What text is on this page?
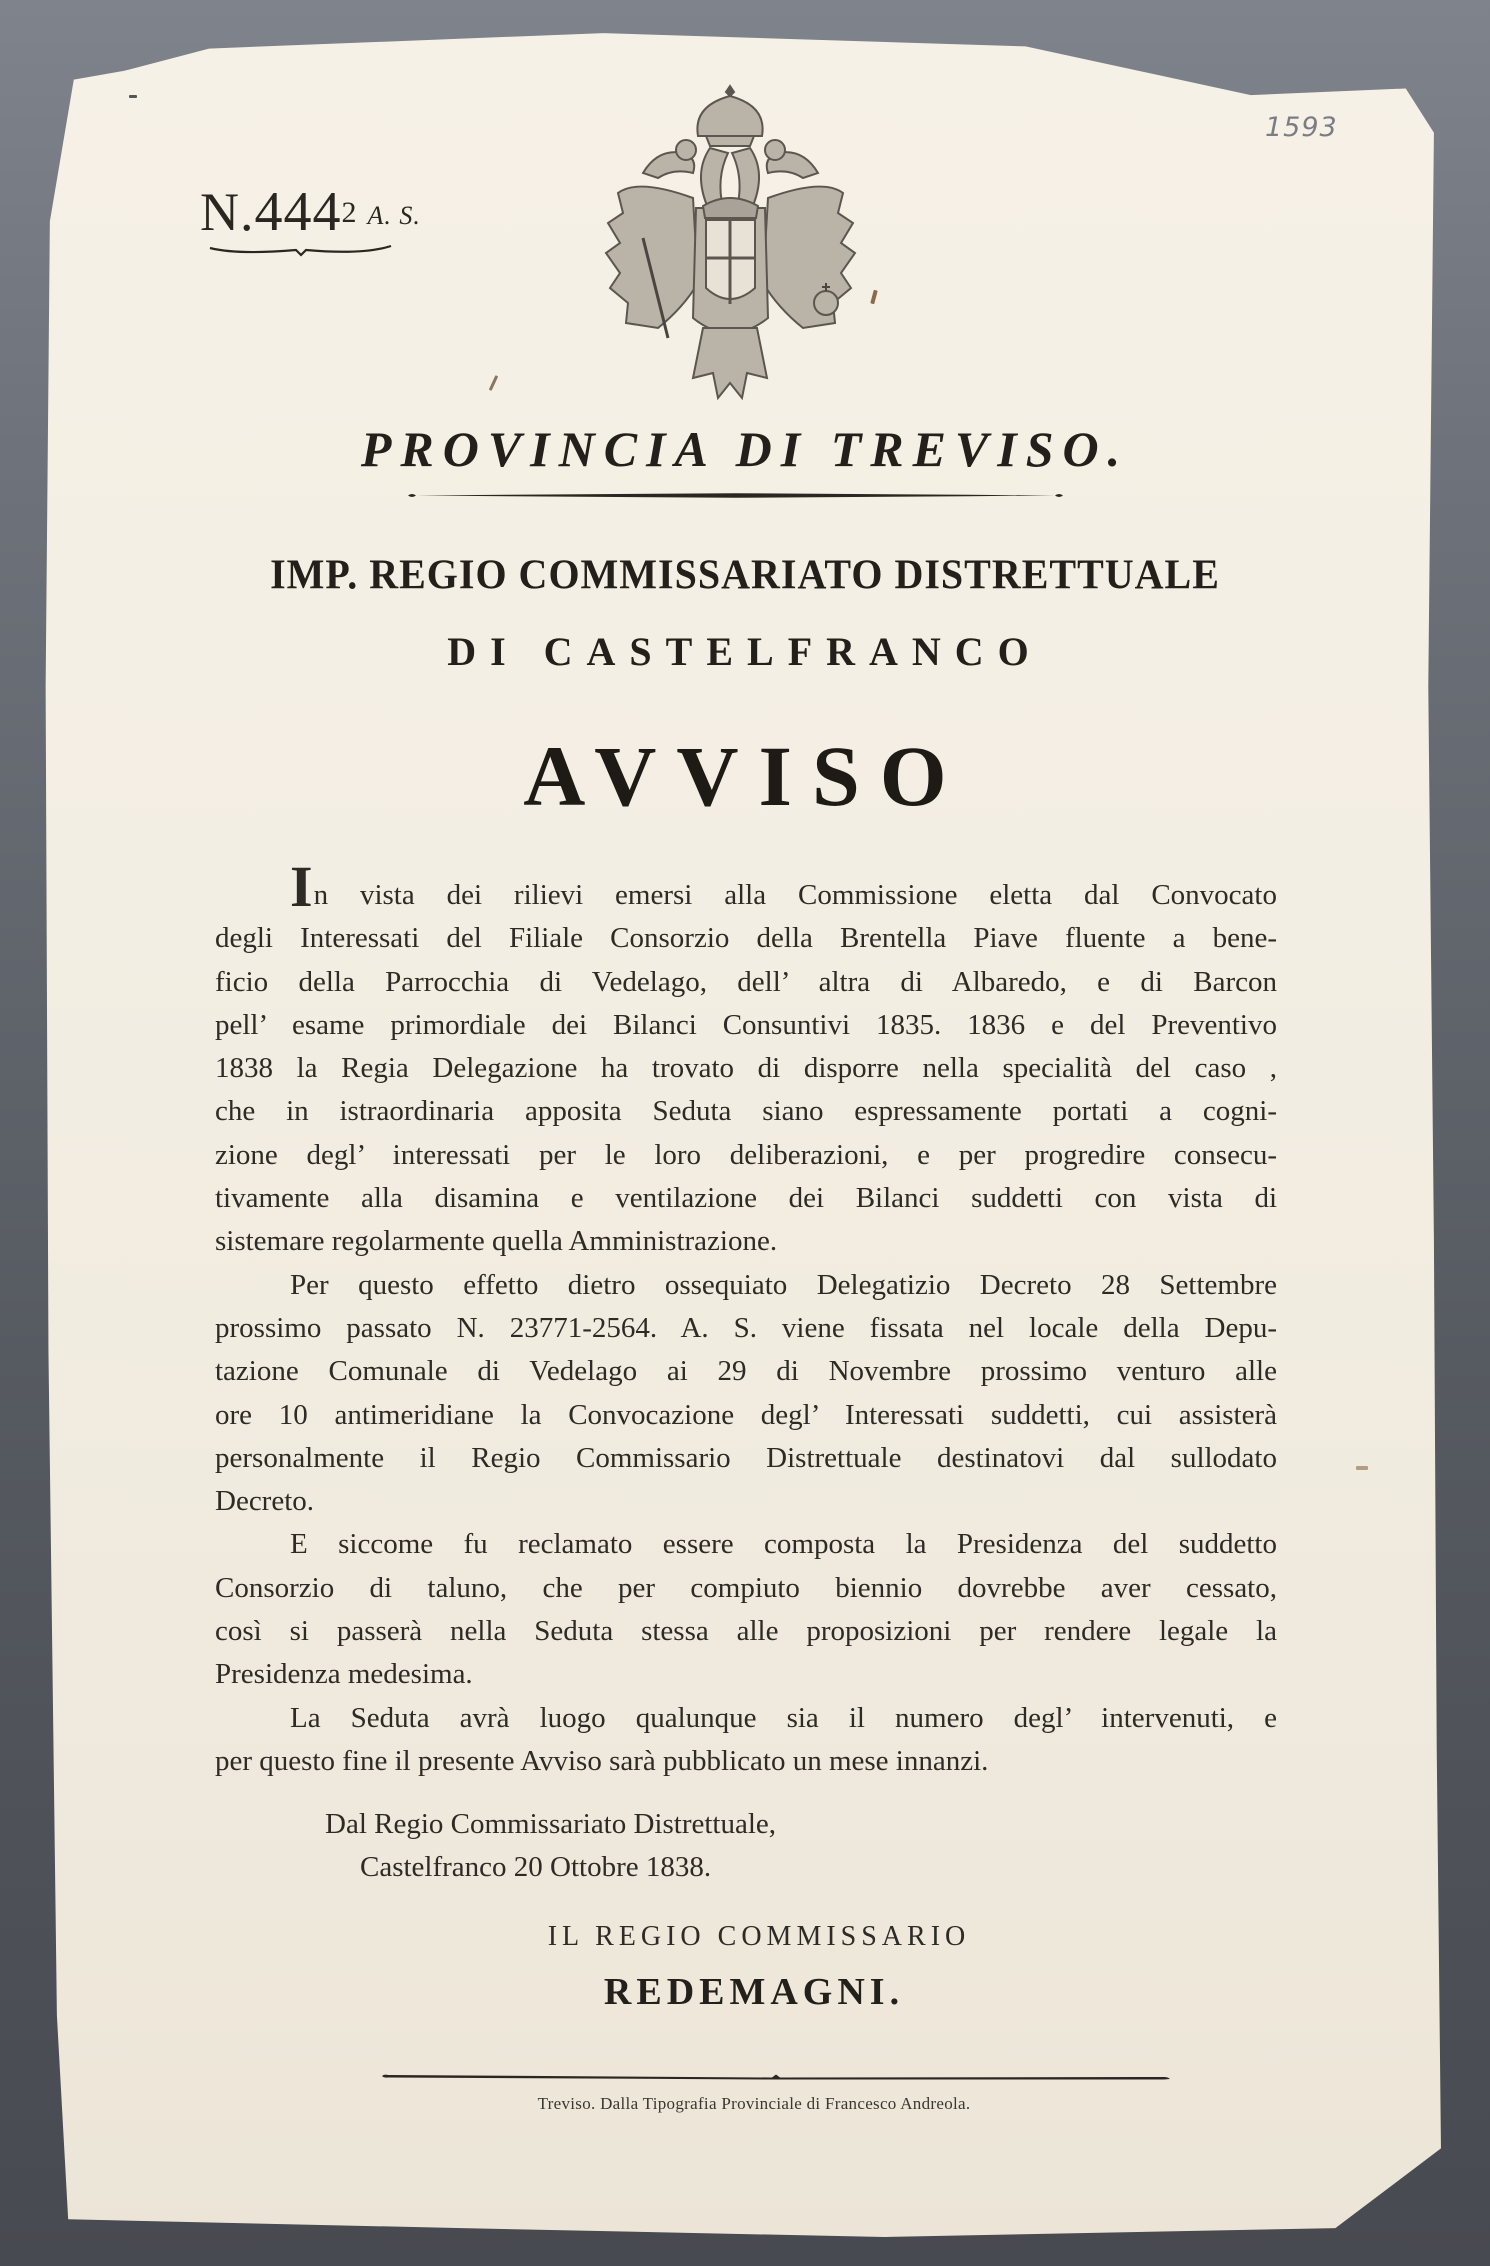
N.444$^2$ A. S.
1593
PROVINCIA DI TREVISO.
IMP. REGIO COMMISSARIATO DISTRETTUALE
DI CASTELFRANCO
AVVISO
In vista dei rilievi emersi alla Commissione eletta dal Convocato
degli Interessati del Filiale Consorzio della Brentella Piave fluente a bene-
ficio della Parrocchia di Vedelago, dell’ altra di Albaredo, e di Barcon
pell’ esame primordiale dei Bilanci Consuntivi 1835. 1836 e del Preventivo
1838 la Regia Delegazione ha trovato di disporre nella specialità del caso ,
che in istraordinaria apposita Seduta siano espressamente portati a cogni-
zione degl’ interessati per le loro deliberazioni, e per progredire consecu-
tivamente alla disamina e ventilazione dei Bilanci suddetti con vista di
sistemare regolarmente quella Amministrazione.
Per questo effetto dietro ossequiato Delegatizio Decreto 28 Settembre
prossimo passato N. 23771-2564. A. S. viene fissata nel locale della Depu-
tazione Comunale di Vedelago ai 29 di Novembre prossimo venturo alle
ore 10 antimeridiane la Convocazione degl’ Interessati suddetti, cui assisterà
personalmente il Regio Commissario Distrettuale destinatovi dal sullodato
Decreto.
E siccome fu reclamato essere composta la Presidenza del suddetto
Consorzio di taluno, che per compiuto biennio dovrebbe aver cessato,
così si passerà nella Seduta stessa alle proposizioni per rendere legale la
Presidenza medesima.
La Seduta avrà luogo qualunque sia il numero degl’ intervenuti, e
per questo fine il presente Avviso sarà pubblicato un mese innanzi.
Dal Regio Commissariato Distrettuale,
Castelfranco 20 Ottobre 1838.
IL REGIO COMMISSARIO
REDEMAGNI.
Treviso. Dalla Tipografia Provinciale di Francesco Andreola.
